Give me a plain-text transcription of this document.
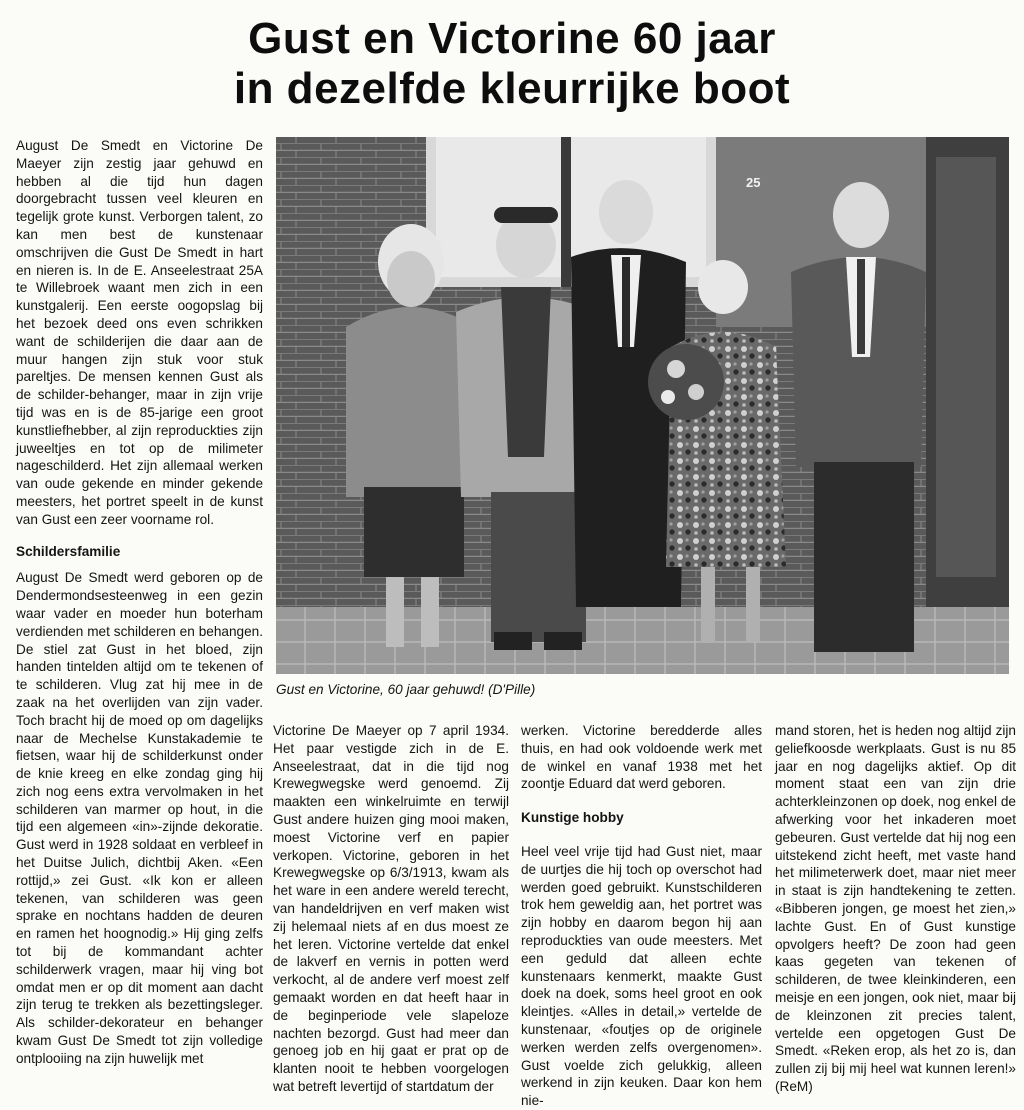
Gust en Victorine 60 jaar
in dezelfde kleurrijke boot

August De Smedt en Victorine De Maeyer zijn zestig jaar gehuwd en hebben al die tijd hun dagen doorgebracht tussen veel kleuren en tegelijk grote kunst. Verborgen talent, zo kan men best de kunstenaar omschrijven die Gust De Smedt in hart en nieren is. In de E. Anseelestraat 25A te Willebroek waant men zich in een kunstgalerij. Een eerste oogopslag bij het bezoek deed ons even schrikken want de schilderijen die daar aan de muur hangen zijn stuk voor stuk pareltjes. De mensen kennen Gust als de schilder-behanger, maar in zijn vrije tijd was en is de 85-jarige een groot kunstliefhebber, al zijn reproduckties zijn juweeltjes en tot op de milimeter nageschilderd. Het zijn allemaal werken van oude gekende en minder gekende meesters, het portret speelt in de kunst van Gust een zeer voorname rol.

Schildersfamilie

August De Smedt werd geboren op de Dendermondsesteenweg in een gezin waar vader en moeder hun boterham verdienden met schilderen en behangen. De stiel zat Gust in het bloed, zijn handen tintelden altijd om te tekenen of te schilderen. Vlug zat hij mee in de zaak na het overlijden van zijn vader. Toch bracht hij de moed op om dagelijks naar de Mechelse Kunstakademie te fietsen, waar hij de schilderkunst onder de knie kreeg en elke zondag ging hij zich nog eens extra vervolmaken in het schilderen van marmer op hout, in die tijd een algemeen «in»-zijnde dekoratie. Gust werd in 1928 soldaat en verbleef in het Duitse Julich, dichtbij Aken. «Een rottijd,» zei Gust. «Ik kon er alleen tekenen, van schilderen was geen sprake en nochtans hadden de deuren en ramen het hoognodig.» Hij ging zelfs tot bij de kommandant achter schilderwerk vragen, maar hij ving bot omdat men er op dit moment aan dacht zijn terug te trekken als bezettingsleger. Als schilder-dekorateur en behanger kwam Gust De Smedt tot zijn volledige ontplooiing na zijn huwelijk met

25

Gust en Victorine, 60 jaar gehuwd! (D'Pille)

Victorine De Maeyer op 7 april 1934. Het paar vestigde zich in de E. Anseelestraat, dat in die tijd nog Krewegwegske werd genoemd. Zij maakten een winkelruimte en terwijl Gust andere huizen ging mooi maken, moest Victorine verf en papier verkopen. Victorine, geboren in het Krewegwegske op 6/3/1913, kwam als het ware in een andere wereld terecht, van handeldrijven en verf maken wist zij helemaal niets af en dus moest ze het leren. Victorine vertelde dat enkel de lakverf en vernis in potten werd verkocht, al de andere verf moest zelf gemaakt worden en dat heeft haar in de beginperiode vele slapeloze nachten bezorgd. Gust had meer dan genoeg job en hij gaat er prat op de klanten nooit te hebben voorgelogen wat betreft levertijd of startdatum der

werken. Victorine beredderde alles thuis, en had ook voldoende werk met de winkel en vanaf 1938 met het zoontje Eduard dat werd geboren.

Kunstige hobby

Heel veel vrije tijd had Gust niet, maar de uurtjes die hij toch op overschot had werden goed gebruikt. Kunstschilderen trok hem geweldig aan, het portret was zijn hobby en daarom begon hij aan reproduckties van oude meesters. Met een geduld dat alleen echte kunstenaars kenmerkt, maakte Gust doek na doek, soms heel groot en ook kleintjes. «Alles in detail,» vertelde de kunstenaar, «foutjes op de originele werken werden zelfs overgenomen». Gust voelde zich gelukkig, alleen werkend in zijn keuken. Daar kon hem nie-

mand storen, het is heden nog altijd zijn geliefkoosde werkplaats. Gust is nu 85 jaar en nog dagelijks aktief. Op dit moment staat een van zijn drie achterkleinzonen op doek, nog enkel de afwerking voor het inkaderen moet gebeuren. Gust vertelde dat hij nog een uitstekend zicht heeft, met vaste hand het milimeterwerk doet, maar niet meer in staat is zijn handtekening te zetten. «Bibberen jongen, ge moest het zien,» lachte Gust. En of Gust kunstige opvolgers heeft? De zoon had geen kaas gegeten van tekenen of schilderen, de twee kleinkinderen, een meisje en een jongen, ook niet, maar bij de kleinzonen zit precies talent, vertelde een opgetogen Gust De Smedt. «Reken erop, als het zo is, dan zullen zij bij mij heel wat kunnen leren!» (ReM)
